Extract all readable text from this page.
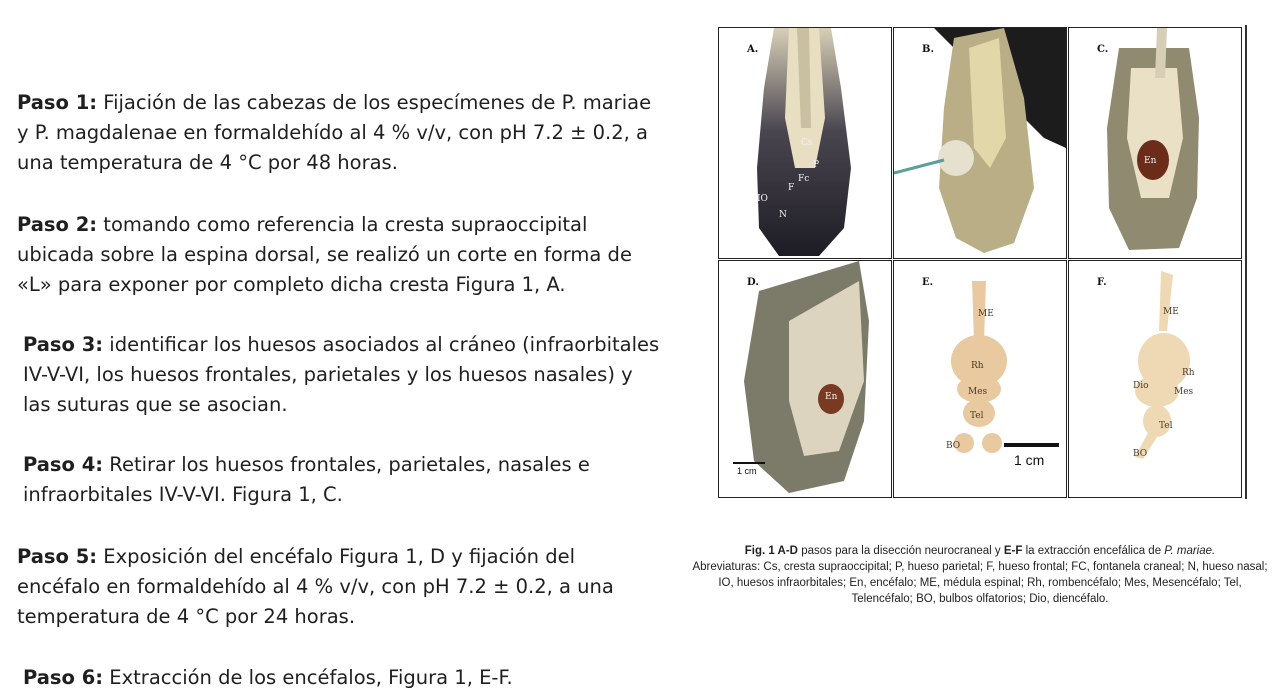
Paso 1: Fijación de las cabezas de los especímenes de P. mariae y P. magdalenae en formaldehído al 4 % v/v, con pH 7.2 ± 0.2, a una temperatura de 4 °C por 48 horas.
Paso 2: tomando como referencia la cresta supraoccipital ubicada sobre la espina dorsal, se realizó un corte en forma de «L» para exponer por completo dicha cresta Figura 1, A.
Paso 3: identificar los huesos asociados al cráneo (infraorbitales IV-V-VI, los huesos frontales, parietales y los huesos nasales) y las suturas que se asocian.
Paso 4: Retirar los huesos frontales, parietales, nasales e infraorbitales IV-V-VI. Figura 1, C.
Paso 5: Exposición del encéfalo Figura 1, D y fijación del encéfalo en formaldehído al 4 % v/v, con pH 7.2 ± 0.2, a una temperatura de 4 °C por 24 horas.
Paso 6: Extracción de los encéfalos, Figura 1, E-F.
A.
Cs
P
Fc
F
IO
N
B.	C.
En
D.
En
1 cm
E.
ME
Rh
Mes
Tel
BO
1 cm
F.
ME
Rh
Dio
Mes
Tel
BO
Fig. 1 A-D pasos para la disección neurocraneal y E-F la extracción encefálica de P. mariae.
Abreviaturas: Cs, cresta supraoccipital; P, hueso parietal; F, hueso frontal; FC, fontanela craneal; N, hueso nasal; IO, huesos infraorbitales; En, encéfalo; ME, médula espinal; Rh, rombencéfalo; Mes, Mesencéfalo; Tel, Telencéfalo; BO, bulbos olfatorios; Dio, diencéfalo.
